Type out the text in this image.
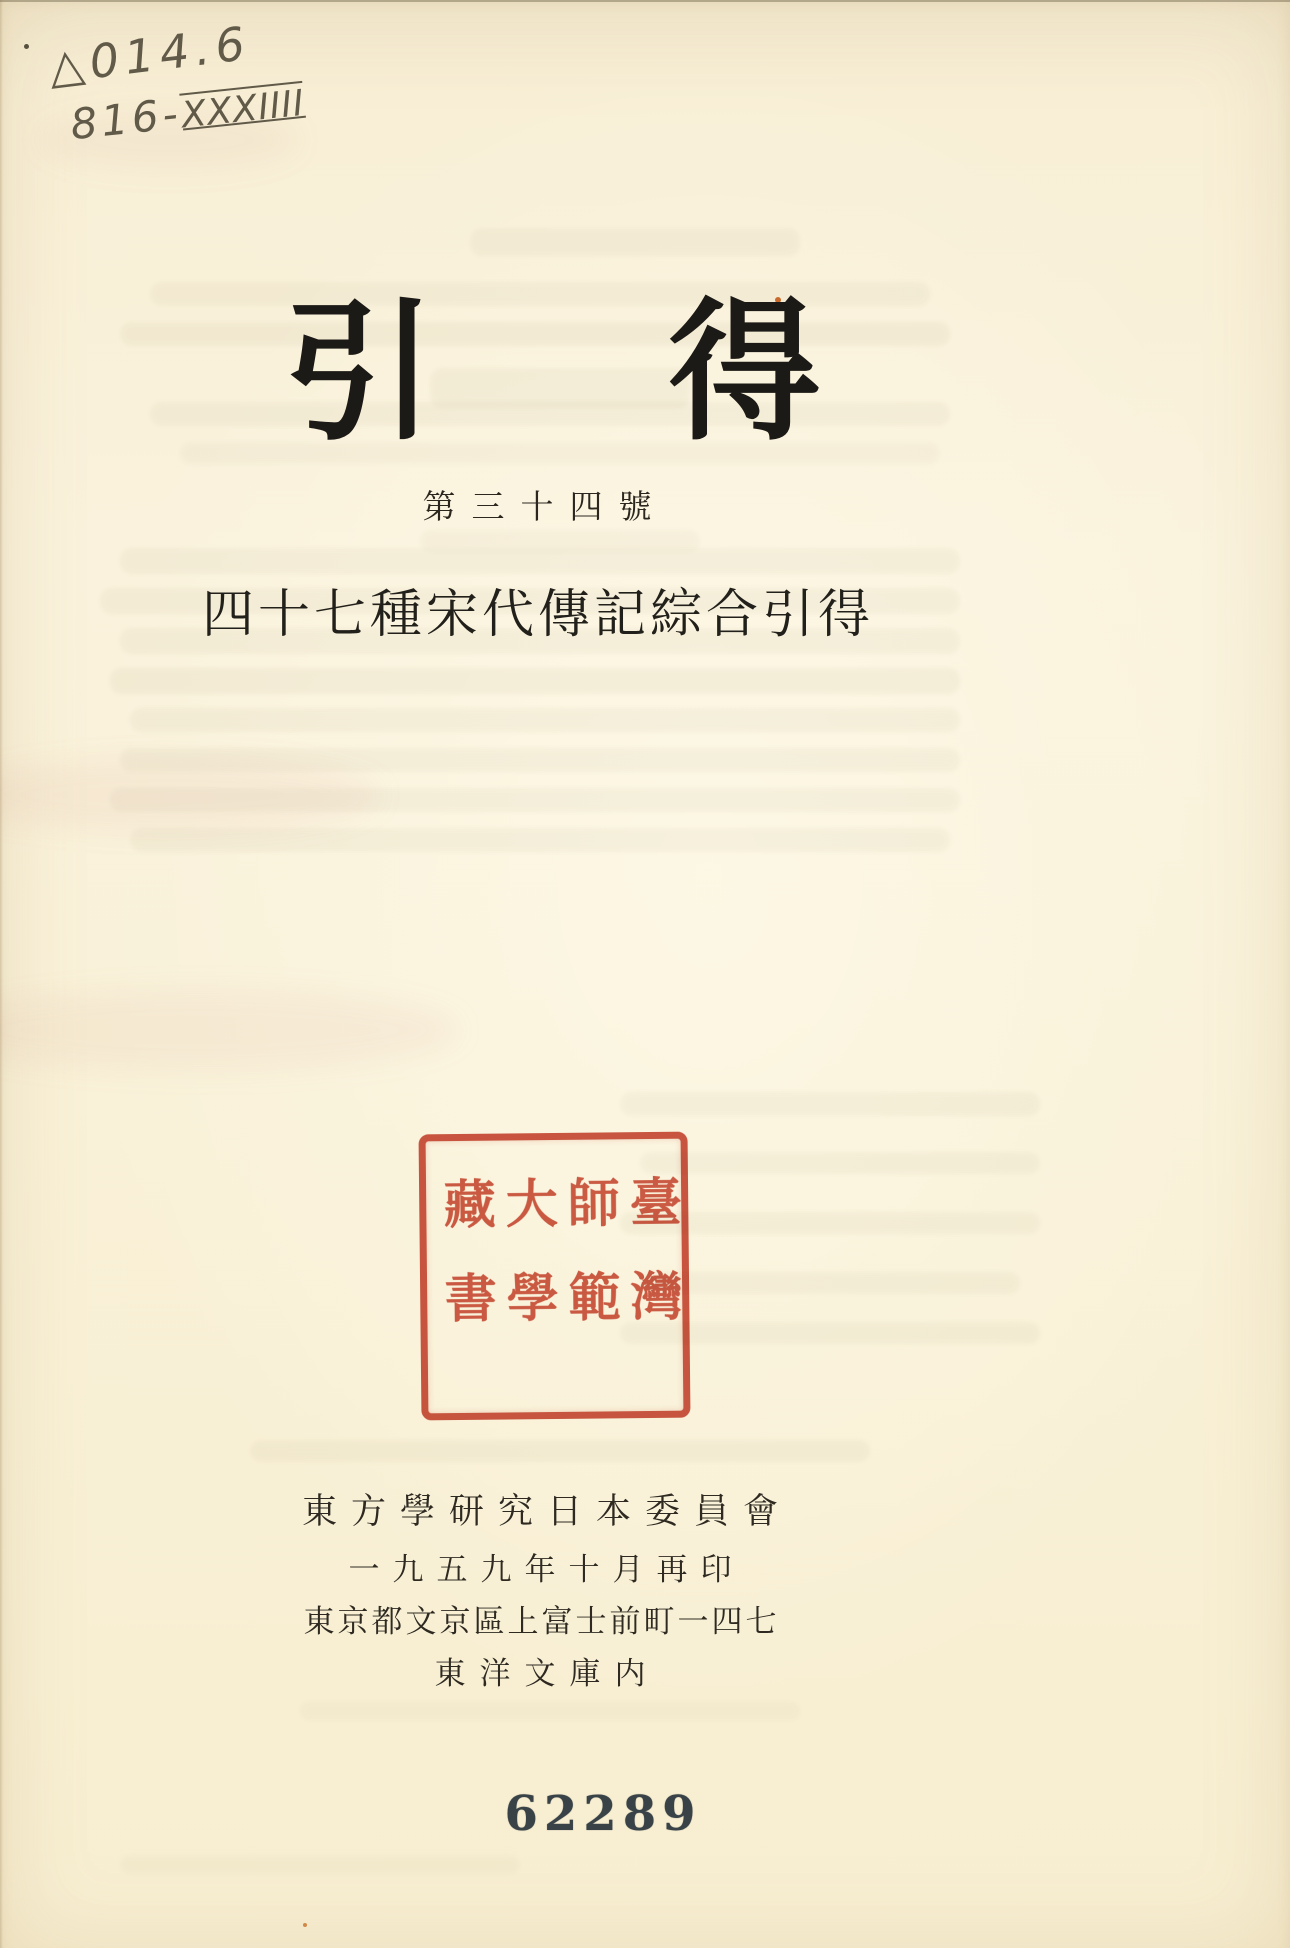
△014.6
816-XXXIIII
引 得
第三十四號
四十七種宋代傳記綜合引得
臺灣
師範
大學
藏書
東方學研究日本委員會
一九五九年十月再印
東京都文京區上富士前町一四七
東洋文庫内
62289
